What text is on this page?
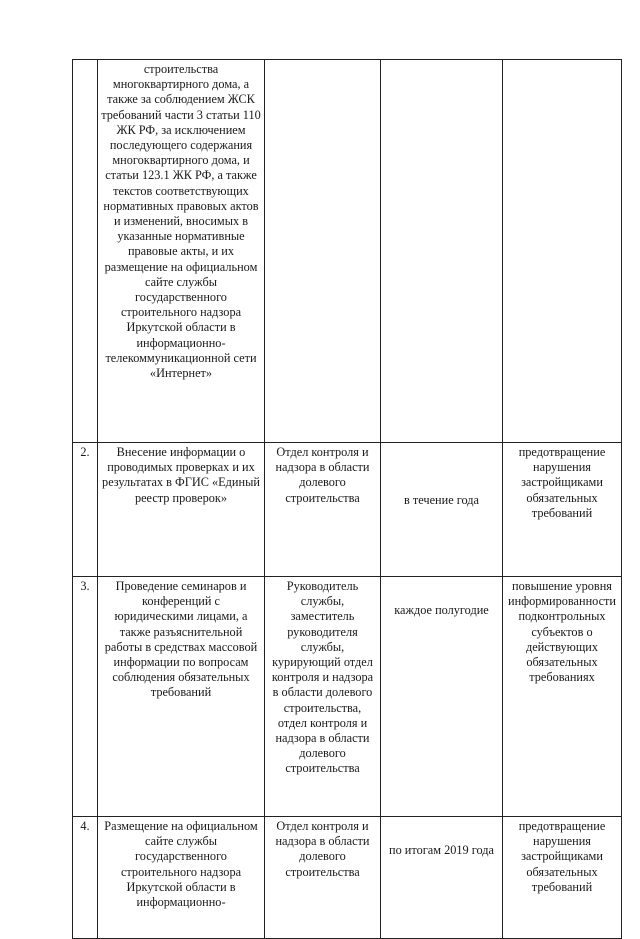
	строительства многоквартирного дома, а также за соблюдением ЖСК требований части 3 статьи 110 ЖК РФ, за исключением последующего содержания многоквартирного дома, и статьи 123.1 ЖК РФ, а также текстов соответствующих нормативных правовых актов и изменений, вносимых в указанные нормативные правовые акты, и их размещение на официальном сайте службы государственного строительного надзора Иркутской области в информационно-телекоммуникационной сети «Интернет»			
2.	Внесение информации о проводимых проверках и их результатах в ФГИС «Единый реестр проверок»	Отдел контроля и надзора в области долевого строительства	в течение года	предотвращение нарушения застройщиками обязательных требований
3.	Проведение семинаров и конференций с юридическими лицами, а также разъяснительной работы в средствах массовой информации по вопросам соблюдения обязательных требований	Руководитель службы, заместитель руководителя службы, курирующий отдел контроля и надзора в области долевого строительства, отдел контроля и надзора в области долевого строительства	каждое полугодие	повышение уровня информированности подконтрольных субъектов о действующих обязательных требованиях
4.	Размещение на официальном сайте службы государственного строительного надзора Иркутской области в информационно-	Отдел контроля и надзора в области долевого строительства	по итогам 2019 года	предотвращение нарушения застройщиками обязательных требований
